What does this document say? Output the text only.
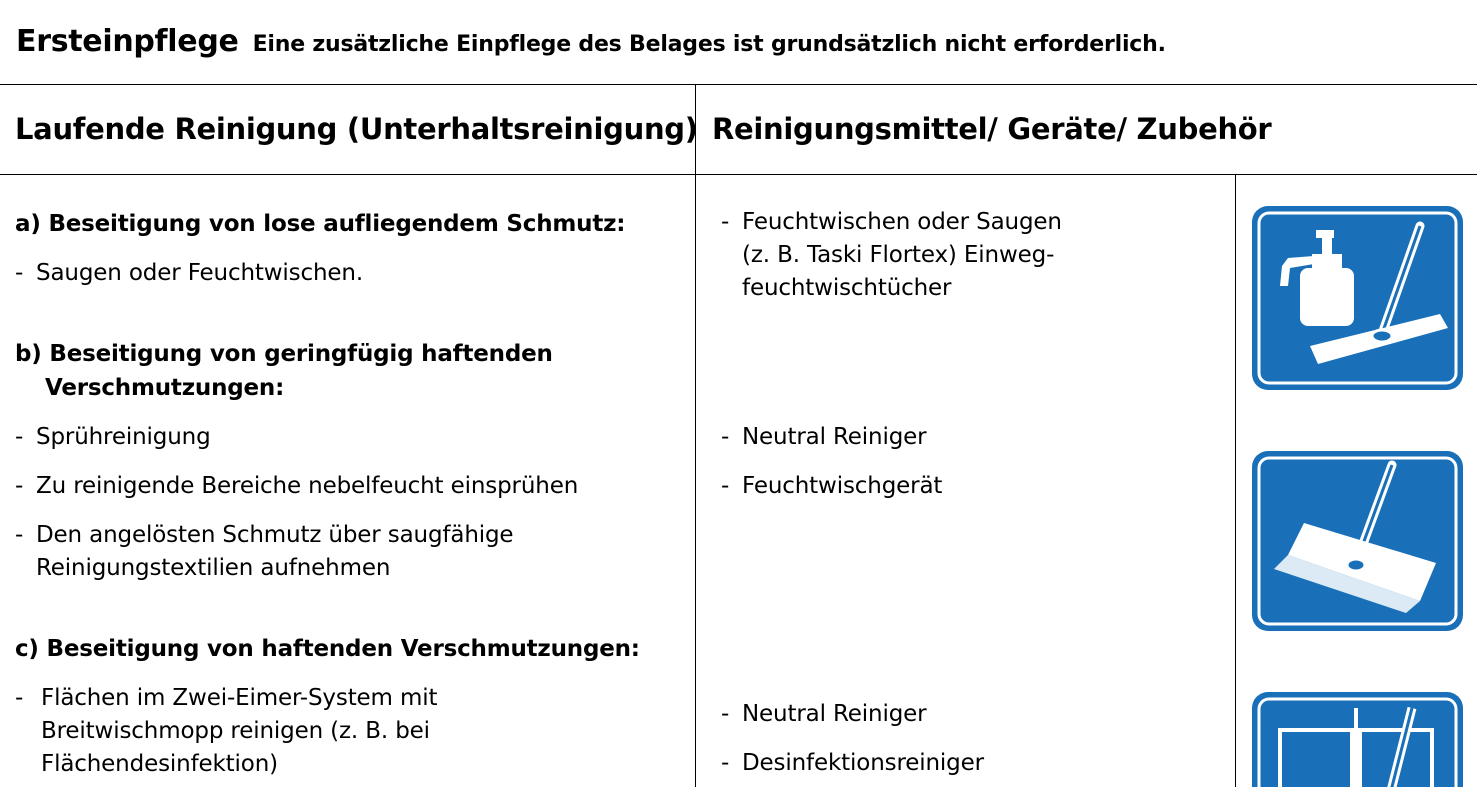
Ersteinpflege Eine zusätzliche Einpflege des Belages ist grundsätzlich nicht erforderlich.
Laufende Reinigung (Unterhaltsreinigung) Reinigungsmittel/ Geräte/ Zubehör
a) Beseitigung von lose aufliegendem Schmutz:
- Saugen oder Feuchtwischen.
b) Beseitigung von geringfügig haftenden
Verschmutzungen:
- Sprühreinigung
- Zu reinigende Bereiche nebelfeucht einsprühen
- Den angelösten Schmutz über saugfähige
Reinigungstextilien aufnehmen
c) Beseitigung von haftenden Verschmutzungen:
- Flächen im Zwei-Eimer-System mit
Breitwischmopp reinigen (z. B. bei
Flächendesinfektion)
- Feuchtwischen oder Saugen
(z. B. Taski Flortex) Einweg-
feuchtwischtücher
- Neutral Reiniger
- Feuchtwischgerät
- Neutral Reiniger
- Desinfektionsreiniger
